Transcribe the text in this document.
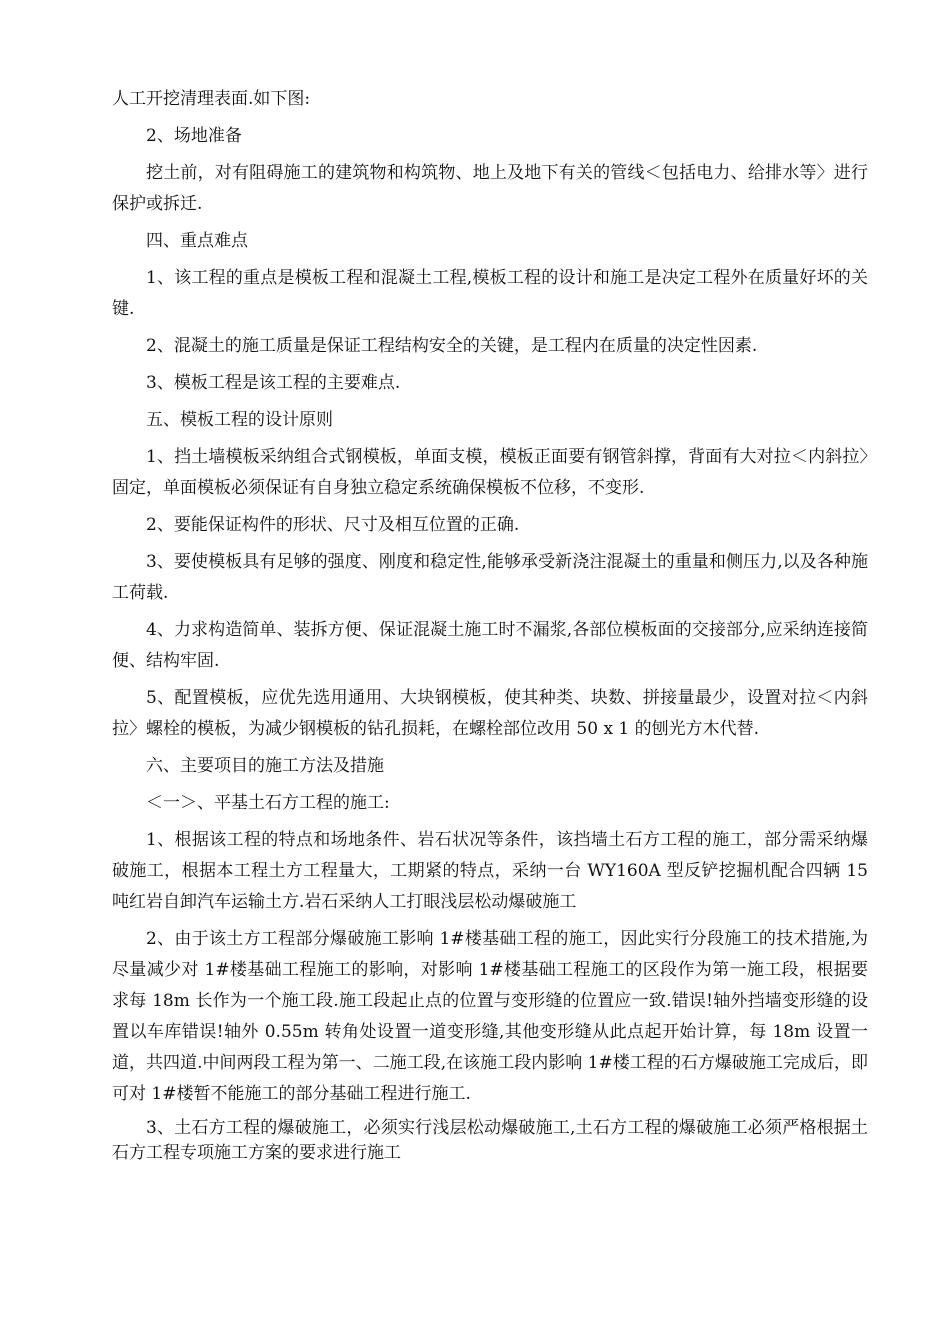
人工开挖清理表面.如下图:

2、场地准备

挖土前，对有阻碍施工的建筑物和构筑物、地上及地下有关的管线＜包括电力、给排水等〉进行保护或拆迁.

四、重点难点

1、该工程的重点是模板工程和混凝土工程,模板工程的设计和施工是决定工程外在质量好坏的关键.

2、混凝土的施工质量是保证工程结构安全的关键，是工程内在质量的决定性因素.

3、模板工程是该工程的主要难点.

五、模板工程的设计原则

1、挡土墙模板采纳组合式钢模板，单面支模，模板正面要有钢管斜撑，背面有大对拉＜内斜拉〉固定，单面模板必须保证有自身独立稳定系统确保模板不位移，不变形.

2、要能保证构件的形状、尺寸及相互位置的正确.

3、要使模板具有足够的强度、刚度和稳定性,能够承受新浇注混凝土的重量和侧压力,以及各种施工荷载.

4、力求构造简单、装拆方便、保证混凝土施工时不漏浆,各部位模板面的交接部分,应采纳连接简便、结构牢固.

5、配置模板，应优先选用通用、大块钢模板，使其种类、块数、拼接量最少，设置对拉＜内斜拉〉螺栓的模板，为减少钢模板的钻孔损耗，在螺栓部位改用 50 x 1 的刨光方木代替.

六、主要项目的施工方法及措施

＜一＞、平基土石方工程的施工:

1、根据该工程的特点和场地条件、岩石状况等条件，该挡墙土石方工程的施工，部分需采纳爆破施工，根据本工程土方工程量大，工期紧的特点，采纳一台 WY160A 型反铲挖掘机配合四辆 15 吨红岩自卸汽车运输土方.岩石采纳人工打眼浅层松动爆破施工

2、由于该土方工程部分爆破施工影响 1#楼基础工程的施工，因此实行分段施工的技术措施,为尽量减少对 1#楼基础工程施工的影响，对影响 1#楼基础工程施工的区段作为第一施工段，根据要求每 18m 长作为一个施工段.施工段起止点的位置与变形缝的位置应一致.错误!轴外挡墙变形缝的设置以车库错误!轴外 0.55m 转角处设置一道变形缝,其他变形缝从此点起开始计算，每 18m 设置一道，共四道.中间两段工程为第一、二施工段,在该施工段内影响 1#楼工程的石方爆破施工完成后，即可对 1#楼暂不能施工的部分基础工程进行施工.

3、土石方工程的爆破施工，必须实行浅层松动爆破施工,土石方工程的爆破施工必须严格根据土石方工程专项施工方案的要求进行施工
